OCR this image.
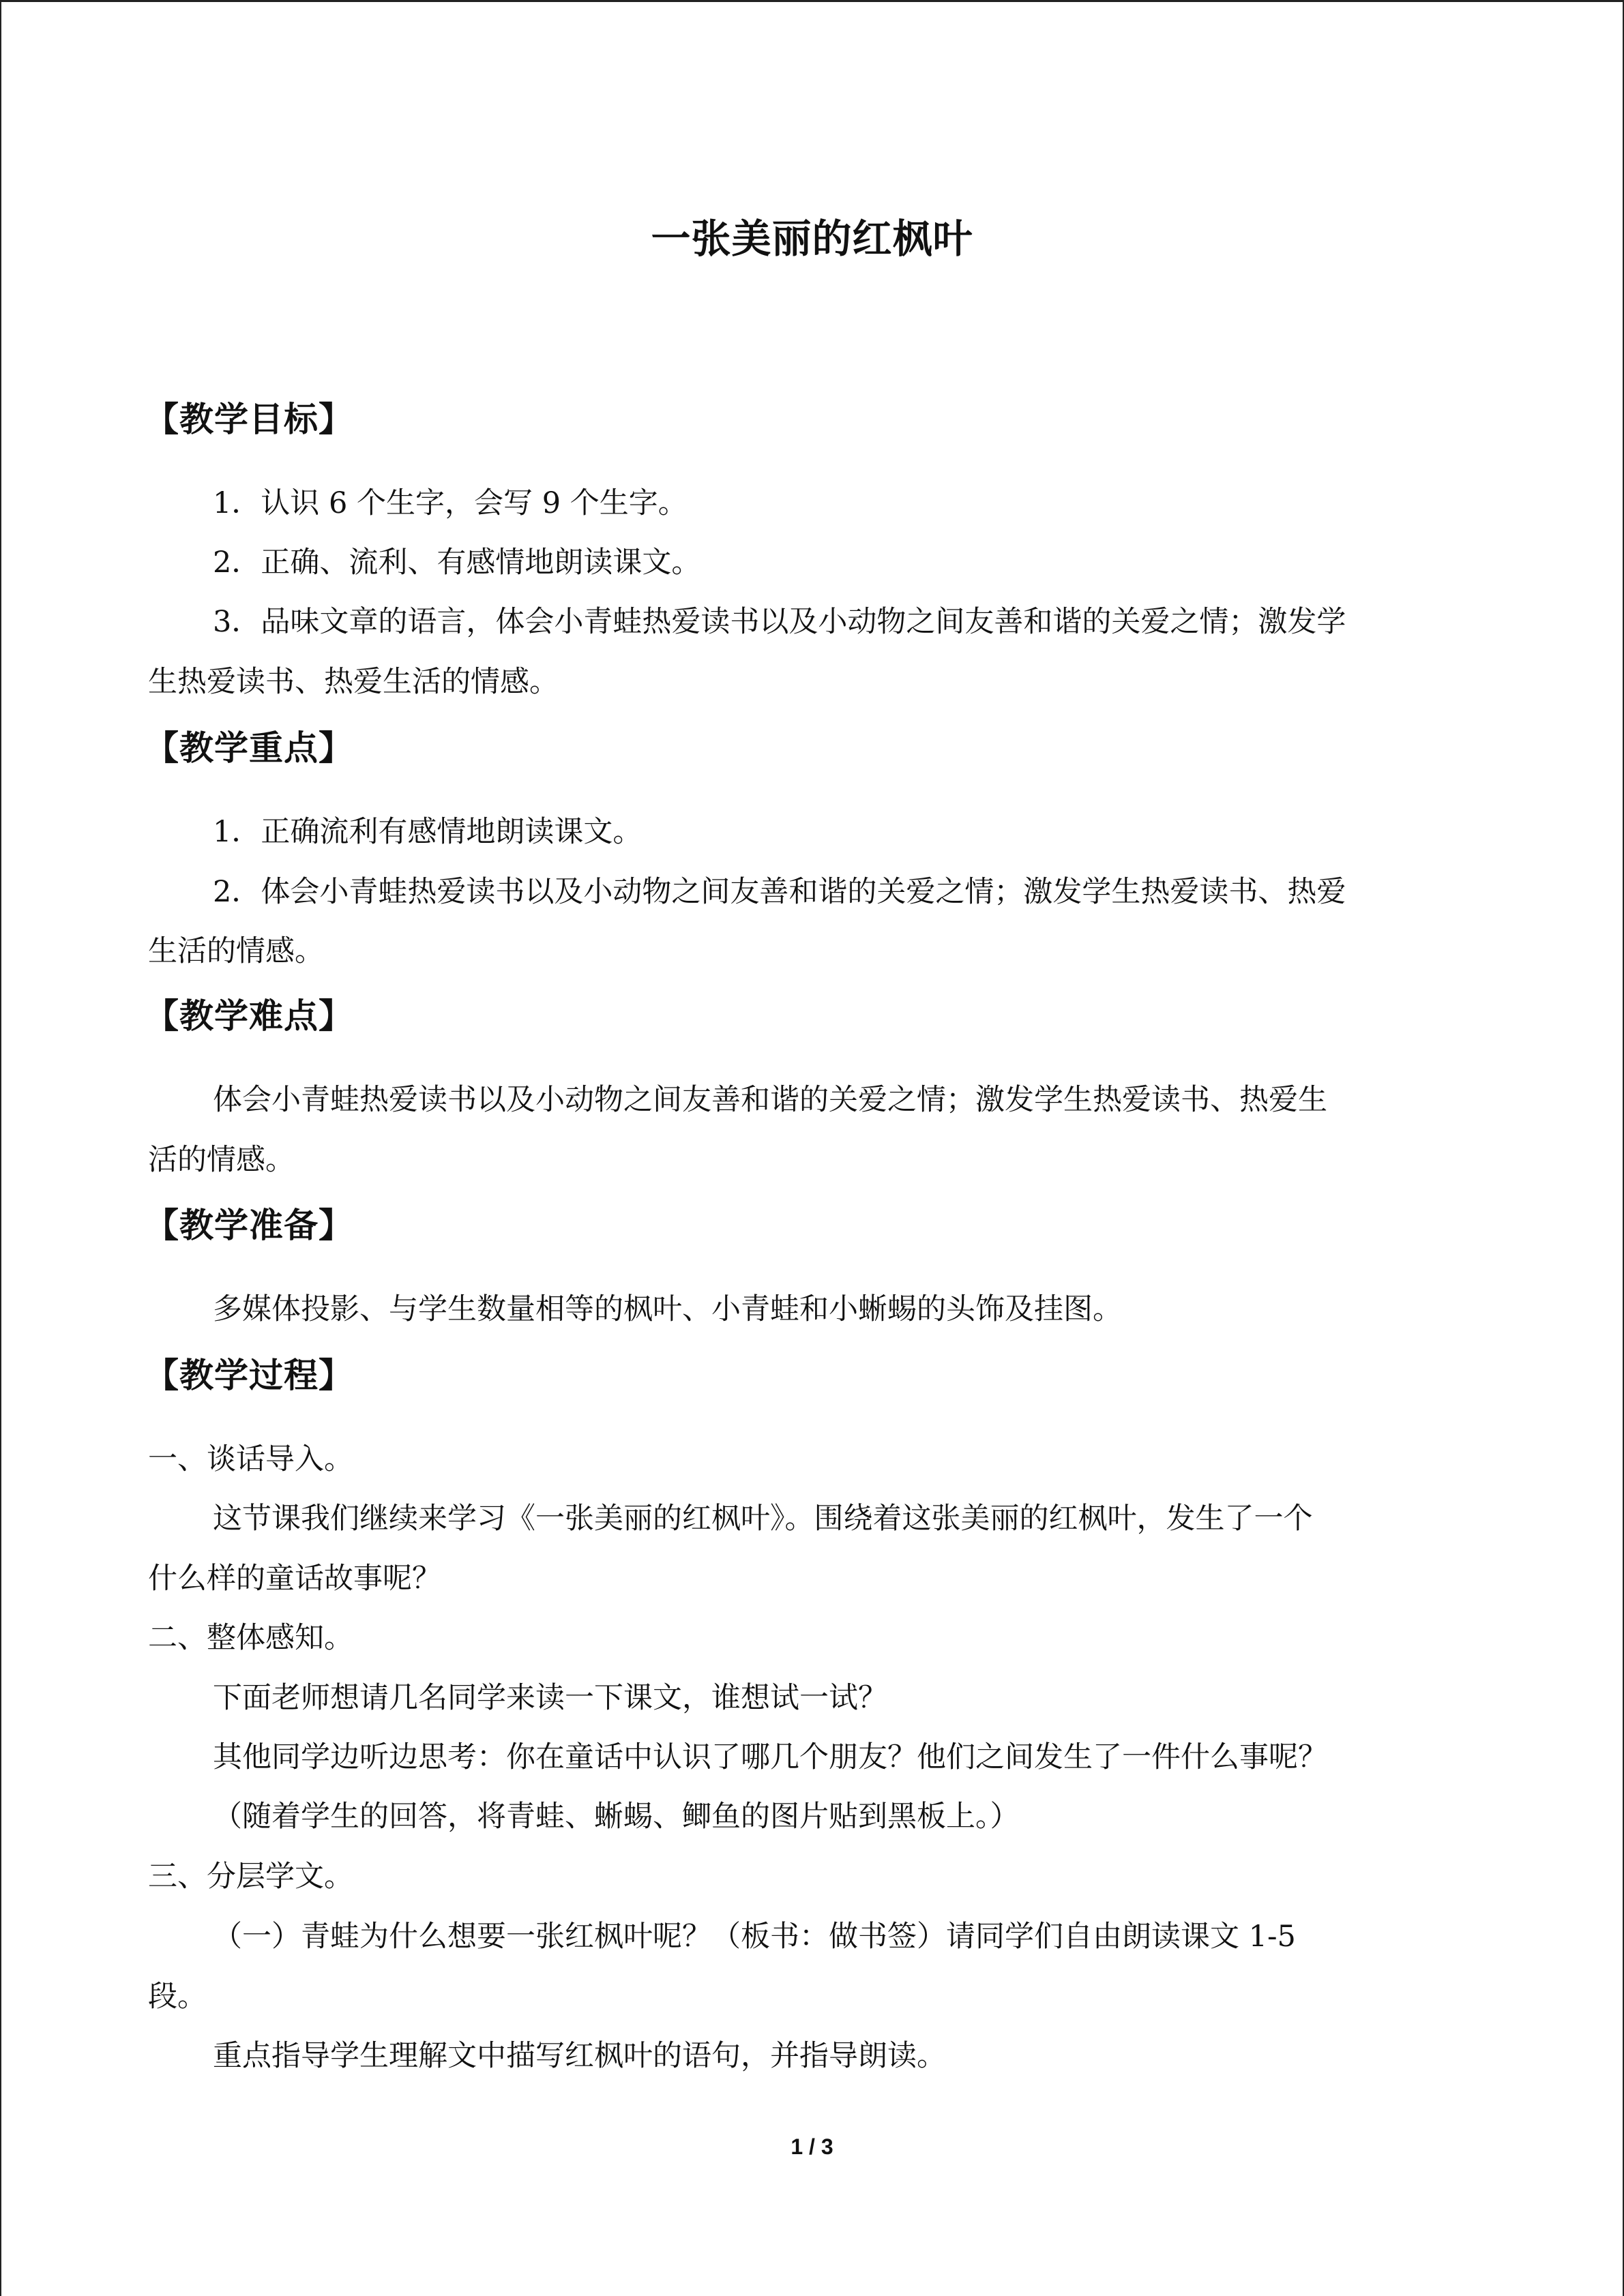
一张美丽的红枫叶
【教学目标】
1．认识 6 个生字，会写 9 个生字。
2．正确、流利、有感情地朗读课文。
3．品味文章的语言，体会小青蛙热爱读书以及小动物之间友善和谐的关爱之情；激发学
生热爱读书、热爱生活的情感。
【教学重点】
1．正确流利有感情地朗读课文。
2．体会小青蛙热爱读书以及小动物之间友善和谐的关爱之情；激发学生热爱读书、热爱
生活的情感。
【教学难点】
体会小青蛙热爱读书以及小动物之间友善和谐的关爱之情；激发学生热爱读书、热爱生
活的情感。
【教学准备】
多媒体投影、与学生数量相等的枫叶、小青蛙和小蜥蜴的头饰及挂图。
【教学过程】
一、谈话导入。
这节课我们继续来学习《一张美丽的红枫叶》。围绕着这张美丽的红枫叶，发生了一个
什么样的童话故事呢？
二、整体感知。
下面老师想请几名同学来读一下课文，谁想试一试？
其他同学边听边思考：你在童话中认识了哪几个朋友？他们之间发生了一件什么事呢？
（随着学生的回答，将青蛙、蜥蜴、鲫鱼的图片贴到黑板上。）
三、分层学文。
（一）青蛙为什么想要一张红枫叶呢？（板书：做书签）请同学们自由朗读课文 1-5
段。
重点指导学生理解文中描写红枫叶的语句，并指导朗读。
1 / 3
